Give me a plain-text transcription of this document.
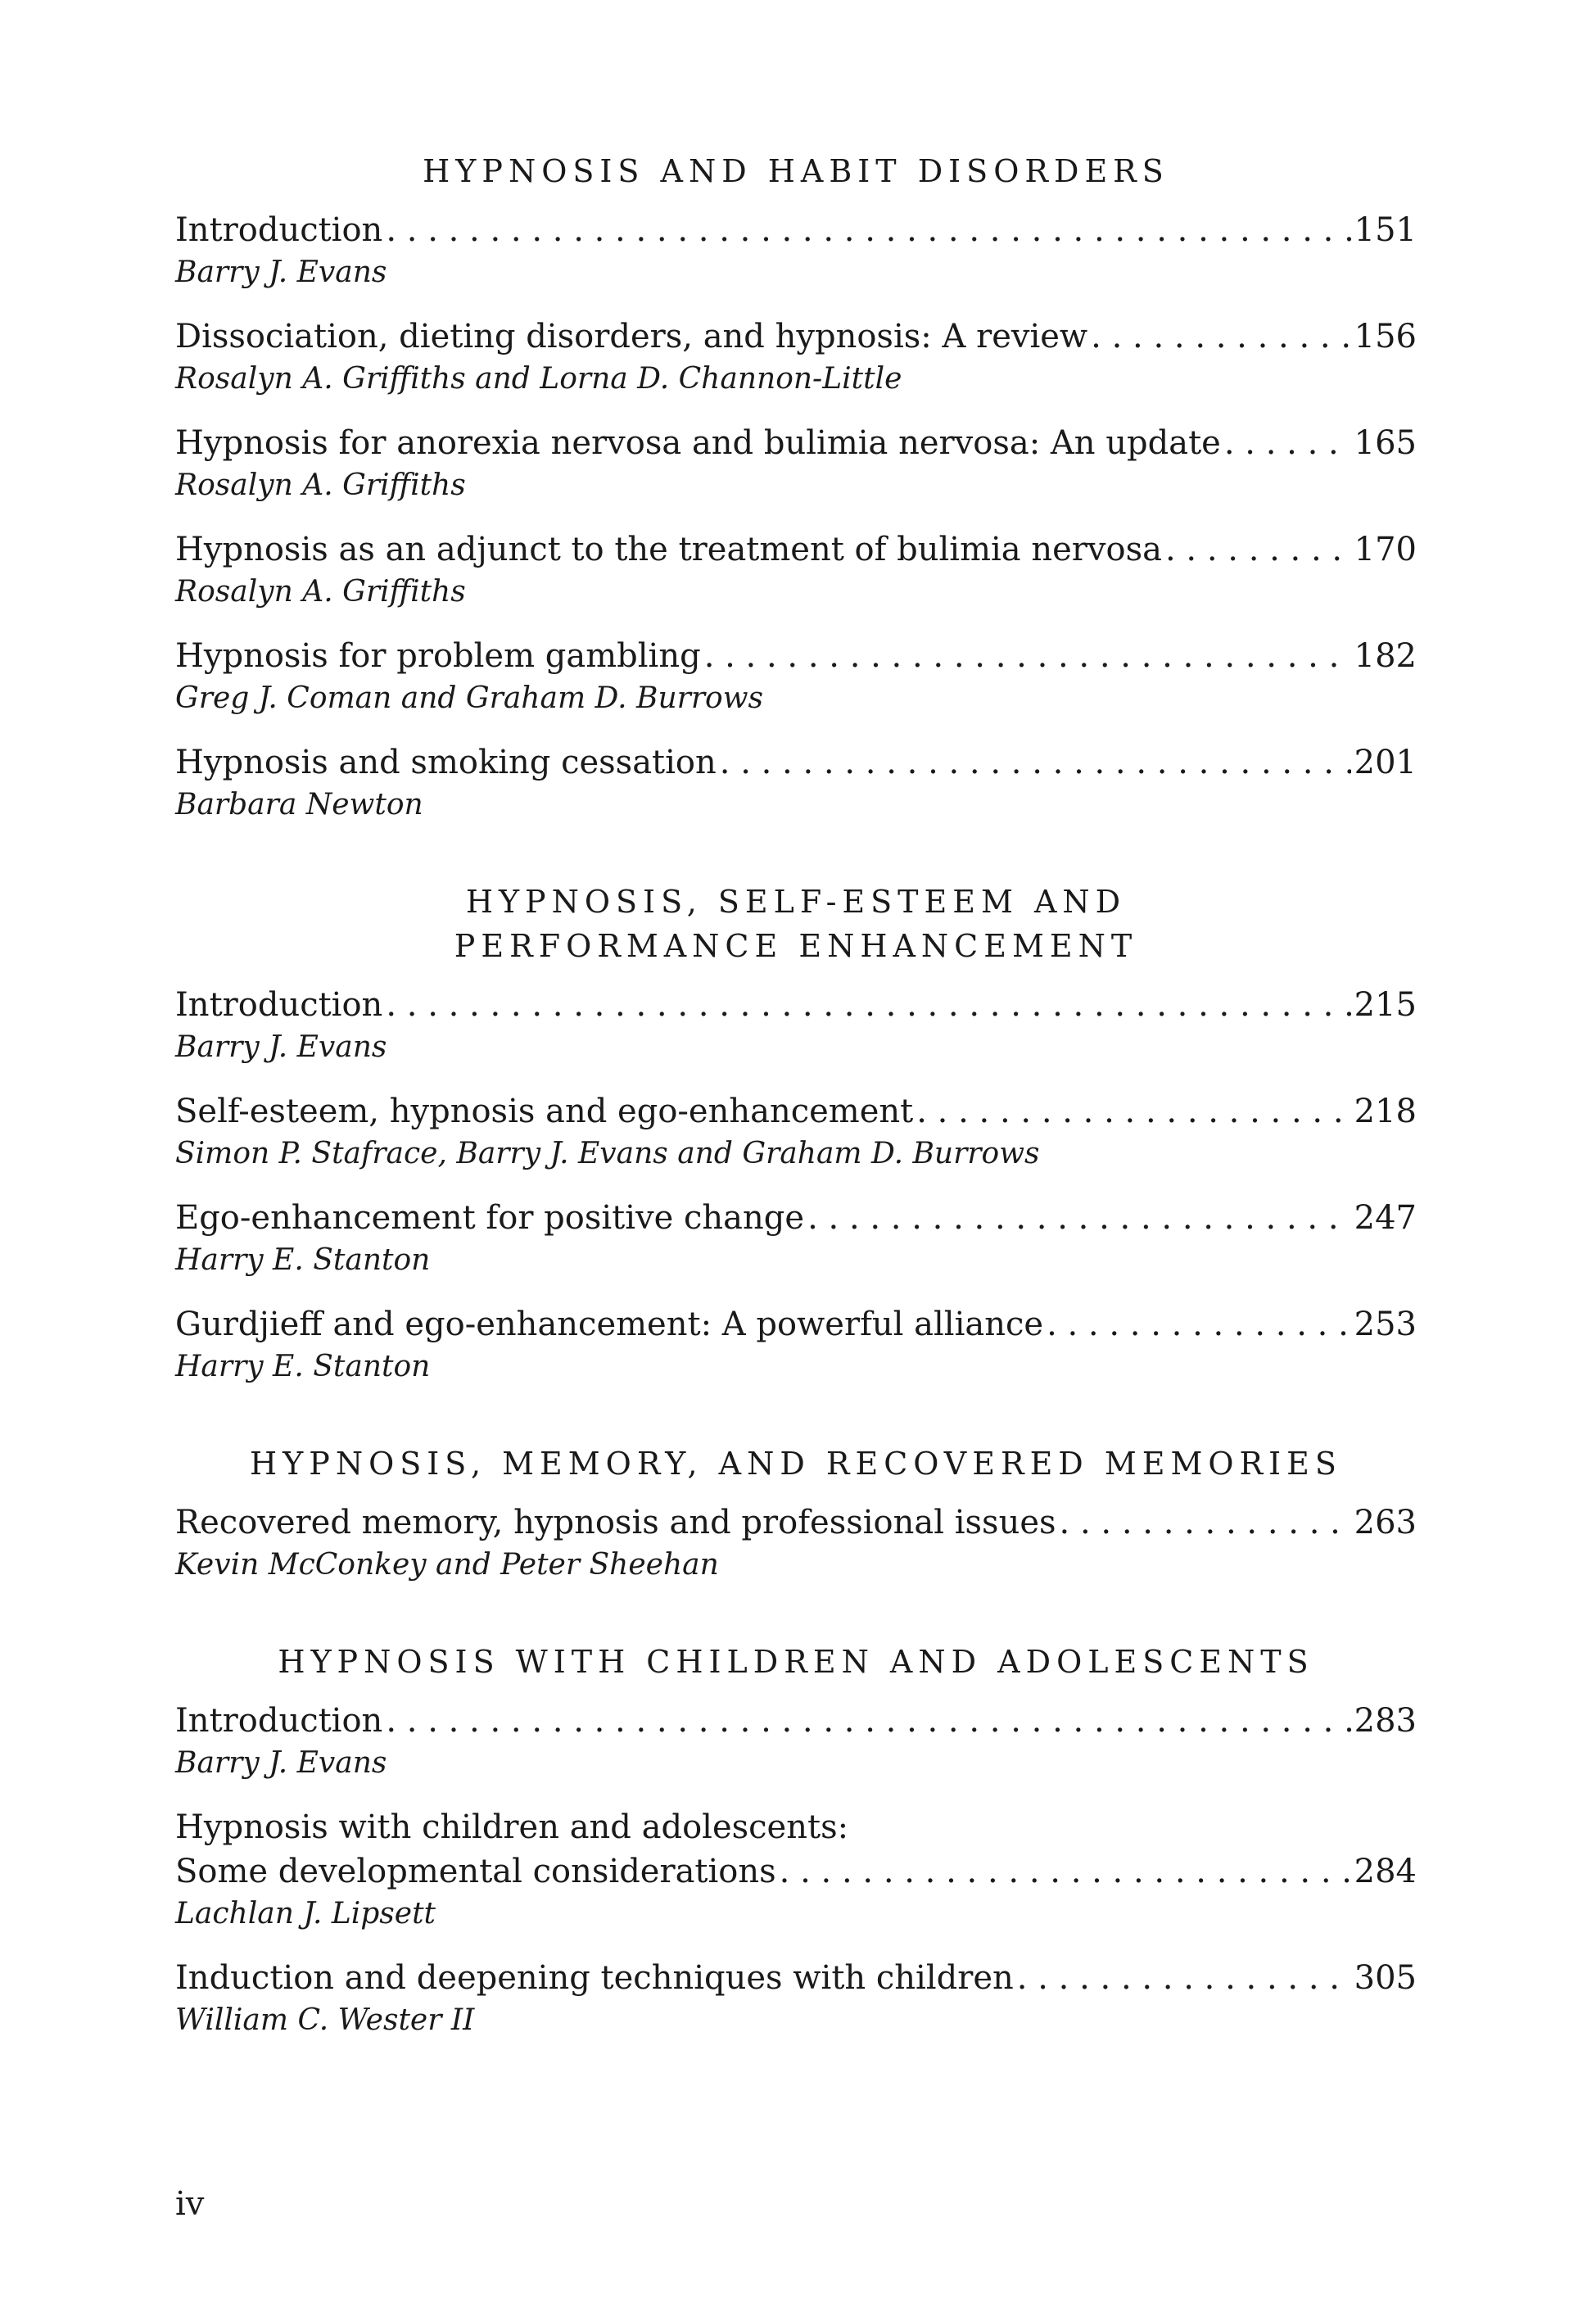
HYPNOSIS AND HABIT DISORDERS
Introduction . . .	151
Barry J. Evans
Dissociation, dieting disorders, and hypnosis: A review . . .	156
Rosalyn A. Griffiths and Lorna D. Channon-Little
Hypnosis for anorexia nervosa and bulimia nervosa: An update . . .	165
Rosalyn A. Griffiths
Hypnosis as an adjunct to the treatment of bulimia nervosa . . .	170
Rosalyn A. Griffiths
Hypnosis for problem gambling . . .	182
Greg J. Coman and Graham D. Burrows
Hypnosis and smoking cessation . . .	201
Barbara Newton
HYPNOSIS, SELF-ESTEEM AND
PERFORMANCE ENHANCEMENT
Introduction . . .	215
Barry J. Evans
Self-esteem, hypnosis and ego-enhancement . . .	218
Simon P. Stafrace, Barry J. Evans and Graham D. Burrows
Ego-enhancement for positive change . . .	247
Harry E. Stanton
Gurdjieff and ego-enhancement: A powerful alliance . . .	253
Harry E. Stanton
HYPNOSIS, MEMORY, AND RECOVERED MEMORIES
Recovered memory, hypnosis and professional issues . . .	263
Kevin McConkey and Peter Sheehan
HYPNOSIS WITH CHILDREN AND ADOLESCENTS
Introduction . . .	283
Barry J. Evans
Hypnosis with children and adolescents:
Some developmental considerations . . .	284
Lachlan J. Lipsett
Induction and deepening techniques with children . . .	305
William C. Wester II
iv
